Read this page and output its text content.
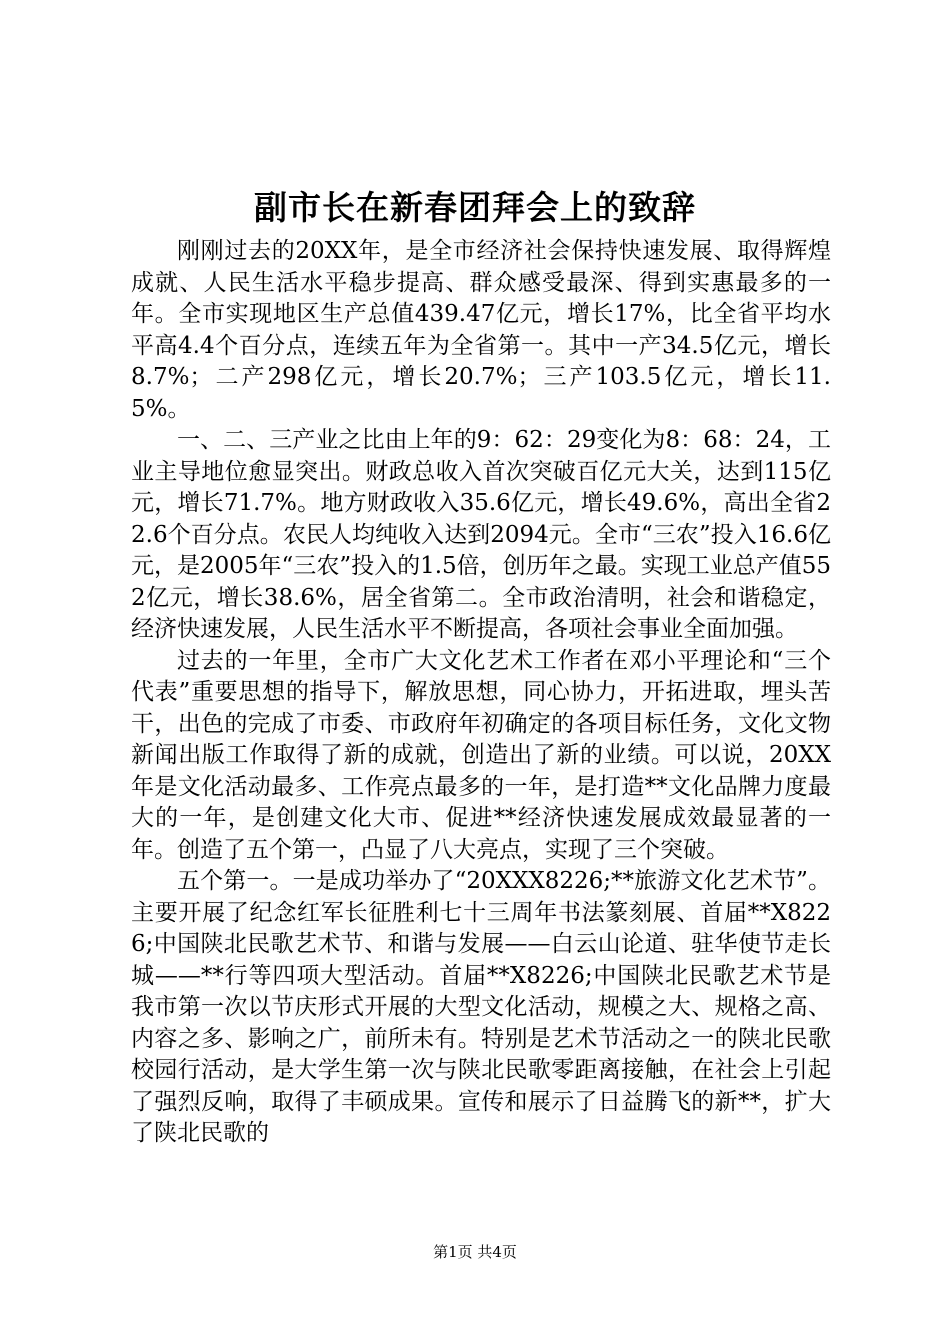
副市长在新春团拜会上的致辞

刚刚过去的20XX年，是全市经济社会保持快速发展、取得辉煌成就、人民生活水平稳步提高、群众感受最深、得到实惠最多的一年。全市实现地区生产总值439.47亿元，增长17%，比全省平均水平高4.4个百分点，连续五年为全省第一。其中一产34.5亿元，增长8.7%；二产298亿元，增长20.7%；三产103.5亿元，增长11.5%。

一、二、三产业之比由上年的9：62：29变化为8：68：24，工业主导地位愈显突出。财政总收入首次突破百亿元大关，达到115亿元，增长71.7%。地方财政收入35.6亿元，增长49.6%，高出全省22.6个百分点。农民人均纯收入达到2094元。全市“三农”投入16.6亿元，是2005年“三农”投入的1.5倍，创历年之最。实现工业总产值552亿元，增长38.6%，居全省第二。全市政治清明，社会和谐稳定，经济快速发展，人民生活水平不断提高，各项社会事业全面加强。

过去的一年里，全市广大文化艺术工作者在邓小平理论和“三个代表”重要思想的指导下，解放思想，同心协力，开拓进取，埋头苦干，出色的完成了市委、市政府年初确定的各项目标任务，文化文物新闻出版工作取得了新的成就，创造出了新的业绩。可以说，20XX年是文化活动最多、工作亮点最多的一年，是打造**文化品牌力度最大的一年，是创建文化大市、促进**经济快速发展成效最显著的一年。创造了五个第一，凸显了八大亮点，实现了三个突破。

五个第一。一是成功举办了“20XXX8226;**旅游文化艺术节”。主要开展了纪念红军长征胜利七十三周年书法篆刻展、首届**X8226;中国陕北民歌艺术节、和谐与发展——白云山论道、驻华使节走长城——**行等四项大型活动。首届**X8226;中国陕北民歌艺术节是我市第一次以节庆形式开展的大型文化活动，规模之大、规格之高、内容之多、影响之广，前所未有。特别是艺术节活动之一的陕北民歌校园行活动，是大学生第一次与陕北民歌零距离接触，在社会上引起了强烈反响，取得了丰硕成果。宣传和展示了日益腾飞的新**，扩大了陕北民歌的

第1页 共4页
